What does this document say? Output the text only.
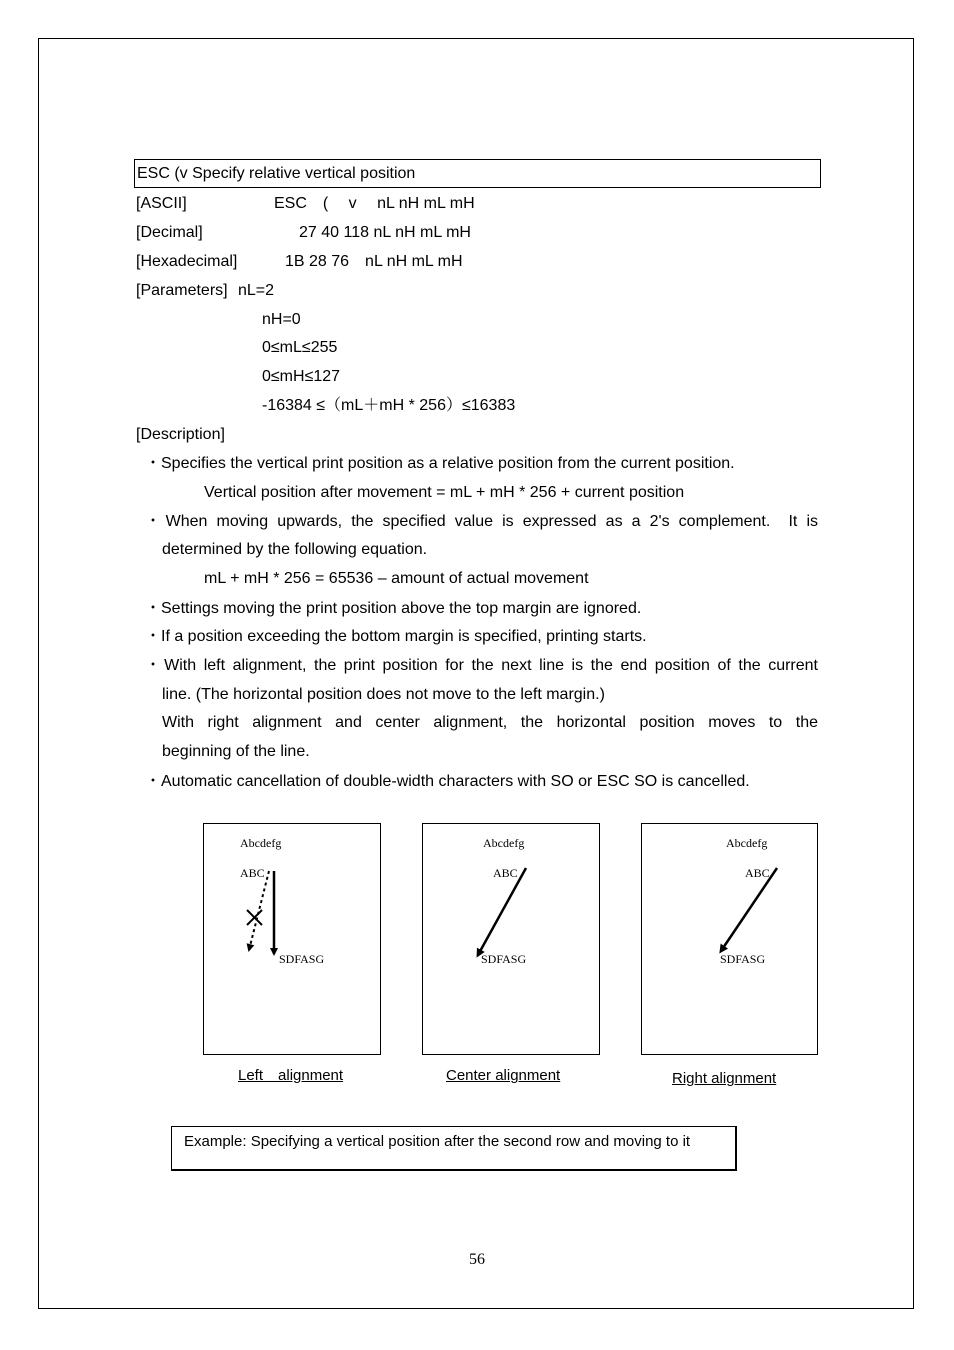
ESC (v Specify relative vertical position
[ASCII]	ESC　(　 v　 nL nH mL mH
[Decimal]	27 40 118 nL nH mL mH
[Hexadecimal]	1B 28 76　nL nH mL mH
[Parameters] nL=2
nH=0
0≤mL≤255
0≤mH≤127
-16384 ≤（mL＋mH * 256）≤16383
[Description]
・Specifies the vertical print position as a relative position from the current position.
Vertical position after movement = mL + mH * 256 + current position
・When moving upwards, the specified value is expressed as a 2's complement.  It is
determined by the following equation.
mL + mH * 256 = 65536 – amount of actual movement
・Settings moving the print position above the top margin are ignored.
・If a position exceeding the bottom margin is specified, printing starts.
・With left alignment, the print position for the next line is the end position of the current
line. (The horizontal position does not move to the left margin.)
With right alignment and center alignment, the horizontal position moves to the
beginning of the line.
・Automatic cancellation of double-width characters with SO or ESC SO is cancelled.
Abcdefg
ABC
SDFASG
Left　alignment
Abcdefg
ABC
SDFASG
Center alignment
Abcdefg
ABC
SDFASG
Right alignment
Example: Specifying a vertical position after the second row and moving to it
56
